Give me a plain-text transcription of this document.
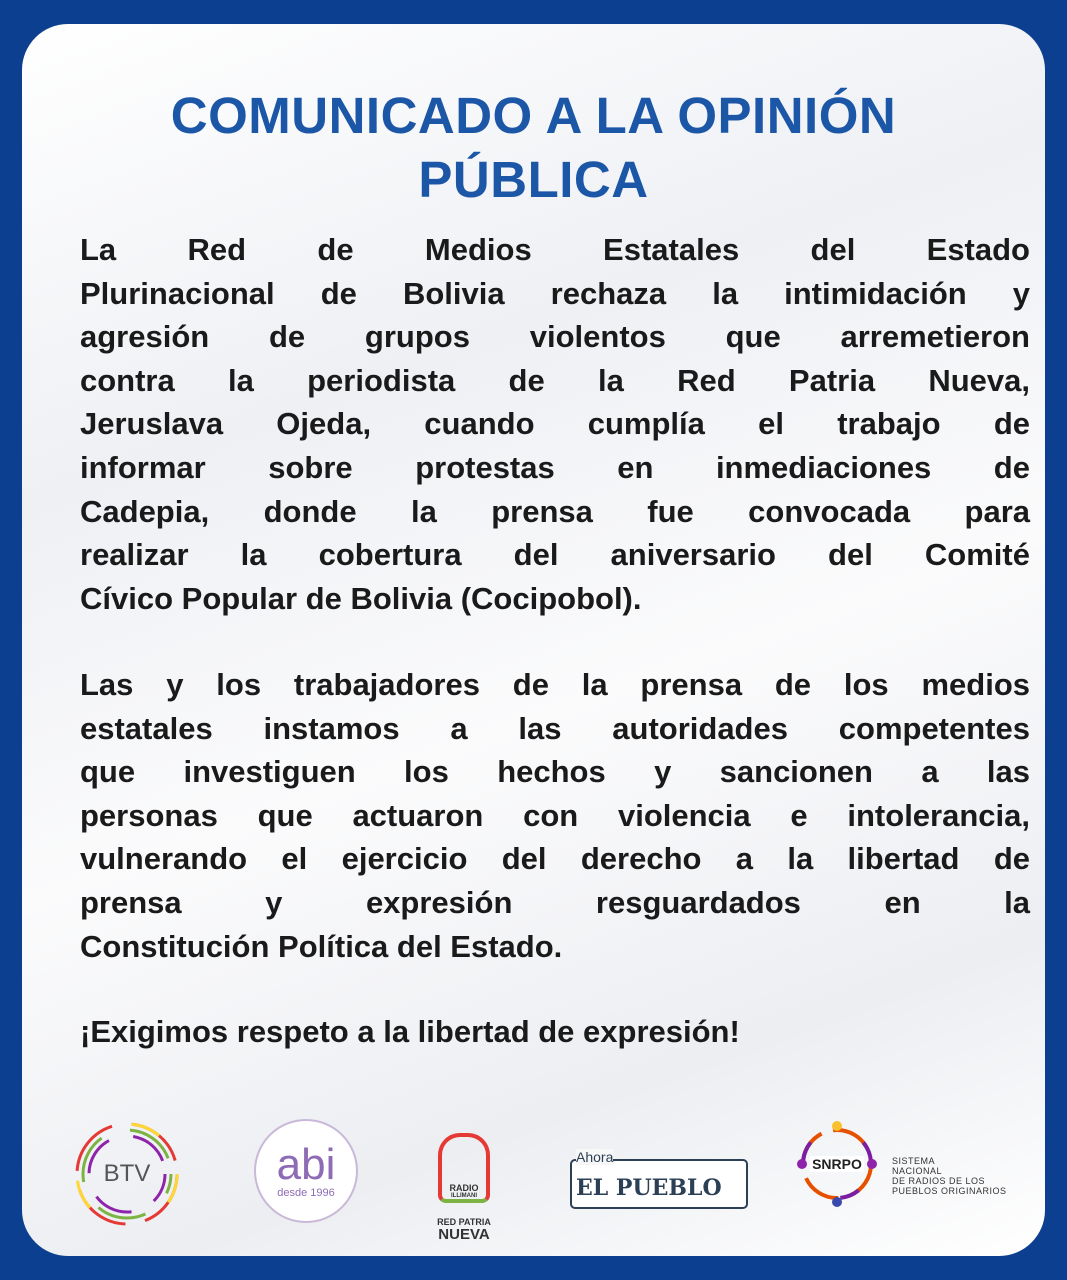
COMUNICADO A LA OPINIÓN
PÚBLICA
La Red de Medios Estatales del Estado
Plurinacional de Bolivia rechaza la intimidación y
agresión de grupos violentos que arremetieron
contra la periodista de la Red Patria Nueva,
Jeruslava Ojeda, cuando cumplía el trabajo de
informar sobre protestas en inmediaciones de
Cadepia, donde la prensa fue convocada para
realizar la cobertura del aniversario del Comité
Cívico Popular de Bolivia (Cocipobol).
Las y los trabajadores de la prensa de los medios
estatales instamos a las autoridades competentes
que investiguen los hechos y sancionen a las
personas que actuaron con violencia e intolerancia,
vulnerando el ejercicio del derecho a la libertad de
prensa y expresión resguardados en la
Constitución Política del Estado.
¡Exigimos respeto a la libertad de expresión!
BTV	abi
desde 1996	RADIO
ILLIMANI
RED PATRIA
NUEVA
Ahora
EL PUEBLO
SNRPO	SISTEMA
NACIONAL
DE RADIOS DE LOS
PUEBLOS ORIGINARIOS
